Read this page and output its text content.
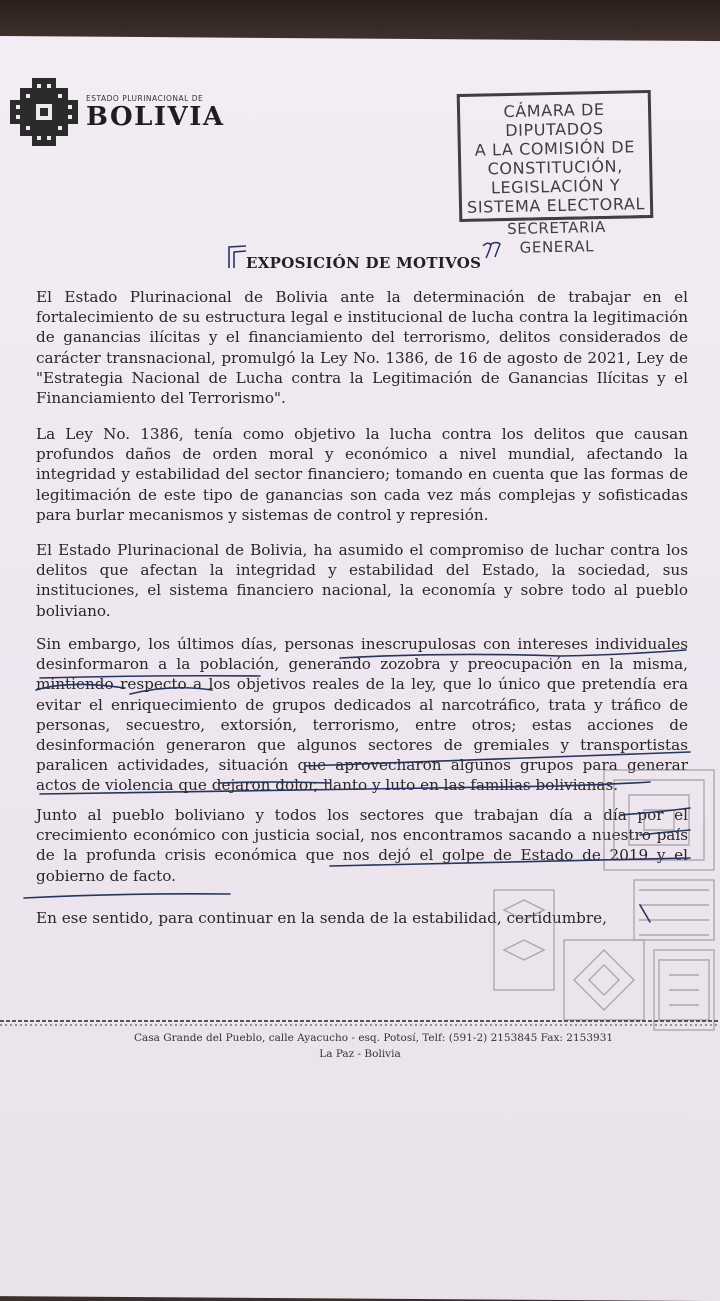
ESTADO PLURINACIONAL DE
BOLIVIA	CÁMARA DE DIPUTADOS
A LA COMISIÓN DE
CONSTITUCIÓN,
LEGISLACIÓN Y
SISTEMA ELECTORAL
SECRETARIA GENERAL
EXPOSICIÓN DE MOTIVOS

El Estado Plurinacional de Bolivia ante la determinación de trabajar en el fortalecimiento de su estructura legal e institucional de lucha contra la legitimación de ganancias ilícitas y el financiamiento del terrorismo, delitos considerados de carácter transnacional, promulgó la Ley No. 1386, de 16 de agosto de 2021, Ley de "Estrategia Nacional de Lucha contra la Legitimación de Ganancias Ilícitas y el Financiamiento del Terrorismo".

La Ley No. 1386, tenía como objetivo la lucha contra los delitos que causan profundos daños de orden moral y económico a nivel mundial, afectando la integridad y estabilidad del sector financiero; tomando en cuenta que las formas de legitimación de este tipo de ganancias son cada vez más complejas y sofisticadas para burlar mecanismos y sistemas de control y represión.

El Estado Plurinacional de Bolivia, ha asumido el compromiso de luchar contra los delitos que afectan la integridad y estabilidad del Estado, la sociedad, sus instituciones, el sistema financiero nacional, la economía y sobre todo al pueblo boliviano.

Sin embargo, los últimos días, personas inescrupulosas con intereses individuales desinformaron a la población, generando zozobra y preocupación en la misma, mintiendo respecto a los objetivos reales de la ley, que lo único que pretendía era evitar el enriquecimiento de grupos dedicados al narcotráfico, trata y tráfico de personas, secuestro, extorsión, terrorismo, entre otros; estas acciones de desinformación generaron que algunos sectores de gremiales y transportistas paralicen actividades, situación que aprovecharon algunos grupos para generar actos de violencia que dejaron dolor, llanto y luto en las familias bolivianas.

Junto al pueblo boliviano y todos los sectores que trabajan día a día por el crecimiento económico con justicia social, nos encontramos sacando a nuestro país de la profunda crisis económica que nos dejó el golpe de Estado de 2019 y el gobierno de facto.

En ese sentido, para continuar en la senda de la estabilidad, certidumbre,

Casa Grande del Pueblo, calle Ayacucho - esq. Potosí, Telf: (591-2) 2153845 Fax: 2153931
La Paz - Bolivia
